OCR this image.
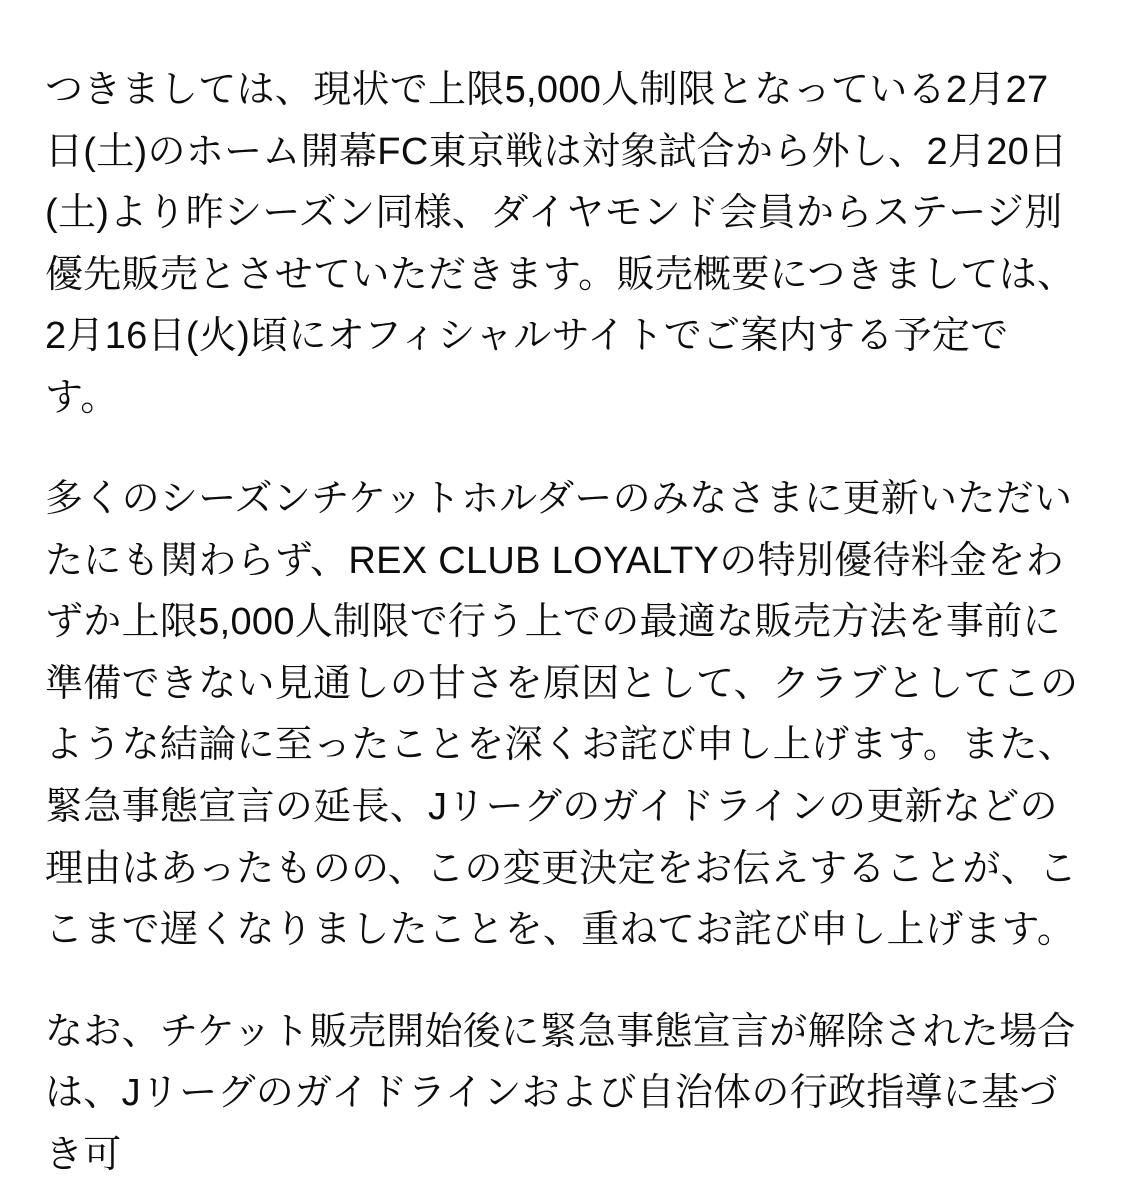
つきましては、現状で上限5,000人制限となっている2月27日(土)のホーム開幕FC東京戦は対象試合から外し、2月20日(土)より昨シーズン同様、ダイヤモンド会員からステージ別優先販売とさせていただきます。販売概要につきましては、2月16日(火)頃にオフィシャルサイトでご案内する予定です。

多くのシーズンチケットホルダーのみなさまに更新いただいたにも関わらず、REX CLUB LOYALTYの特別優待料金をわずか上限5,000人制限で行う上での最適な販売方法を事前に準備できない見通しの甘さを原因として、クラブとしてこのような結論に至ったことを深くお詫び申し上げます。また、緊急事態宣言の延長、Jリーグのガイドラインの更新などの理由はあったものの、この変更決定をお伝えすることが、ここまで遅くなりましたことを、重ねてお詫び申し上げます。

なお、チケット販売開始後に緊急事態宣言が解除された場合は、Jリーグのガイドラインおよび自治体の行政指導に基づき可
